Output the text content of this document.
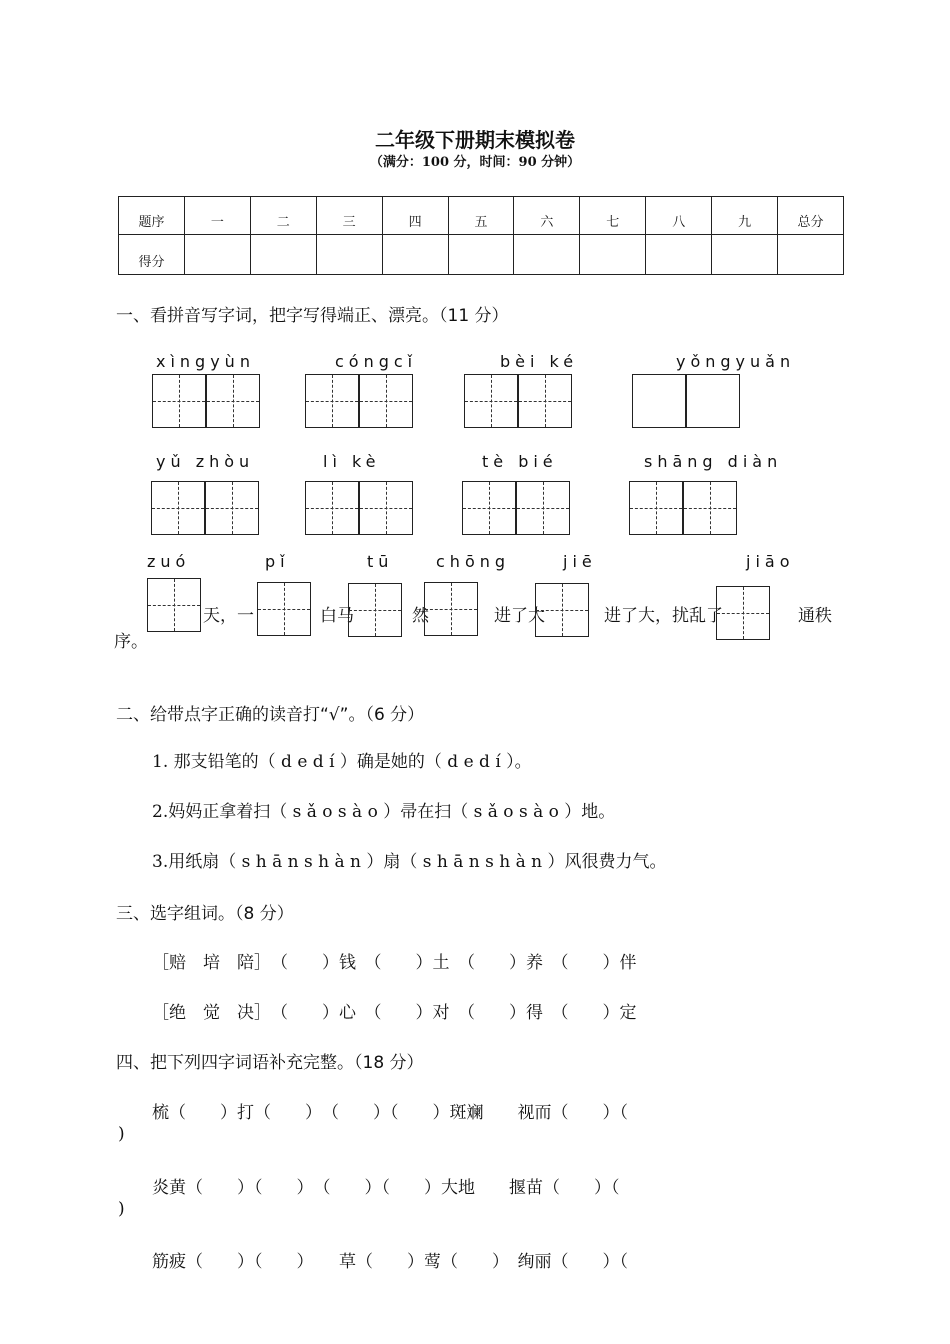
二年级下册期末模拟卷
（满分：100 分，时间：90 分钟）
题序	一	二	三	四	五	六	七	八	九	总分
得分										
一、看拼音写字词，把字写得端正、漂亮。（11 分）
xìngyùn	cóngcǐ	bèi ké	yǒngyuǎn
yǔ zhòu	lì kè	tè bié	shāng diàn
zuó	pǐ	tū	chōng	jiē	jiāo
天，一	白马	然	进了大	进了大，扰乱了	通秩
序。
二、给带点字正确的读音打“√”。（6 分）
1. 那支铅笔的（ d e d í ）确是她的（ d e d í ）。
2.妈妈正拿着扫（ s ǎ o s à o ）帚在扫（ s ǎ o s à o ）地。
3.用纸扇（ s h ā n s h à n ）扇（ s h ā n s h à n ）风很费力气。
三、选字组词。（8 分）
［赔　培　陪］　（　　）钱　（　　）土　（　　）养　（　　）伴
［绝　觉　决］　（　　）心　（　　）对　（　　）得　（　　）定
四、把下列四字词语补充完整。（18 分）
梳（　　）打（　　）　（　　）（　　）斑斓　　视而（　　）（
)
炎黄（　　）（　　）　（　　）（　　）大地　　揠苗（　　）（
)
筋疲（　　）（　　）　　草（　　）莺（　　）　绚丽（　　）（
